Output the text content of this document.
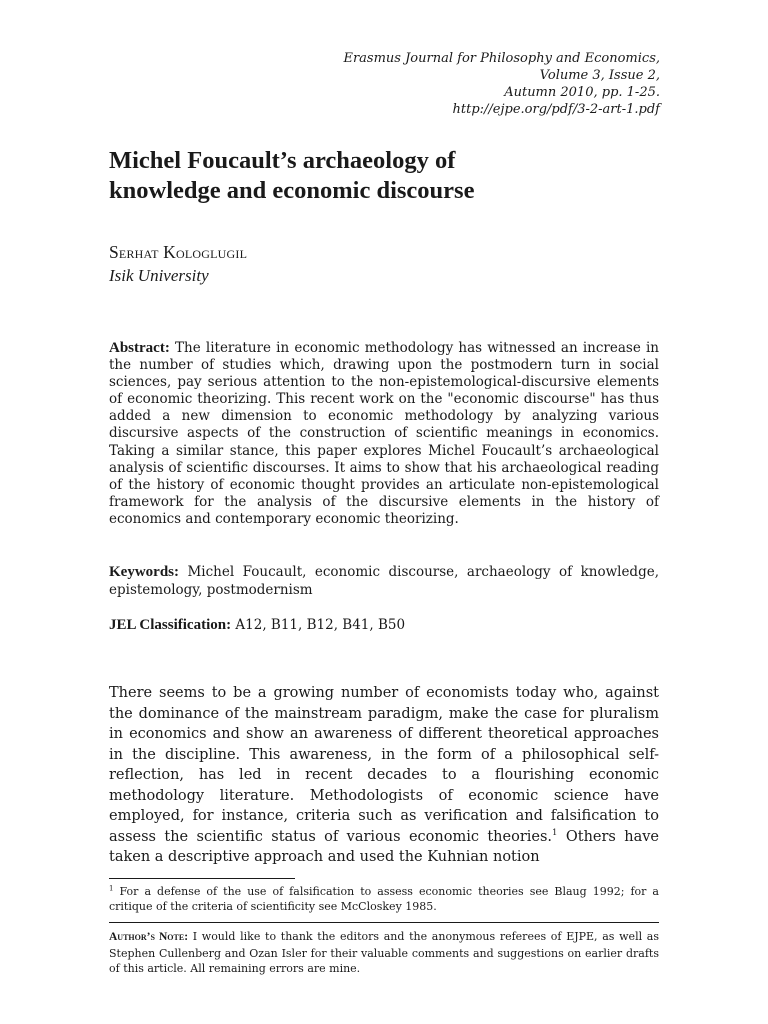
Erasmus Journal for Philosophy and Economics,
Volume 3, Issue 2,
Autumn 2010, pp. 1-25.
http://ejpe.org/pdf/3-2-art-1.pdf
Michel Foucault’s archaeology of
knowledge and economic discourse
Serhat Kologlugil
Isik University

Abstract: The literature in economic methodology has witnessed an increase in the number of studies which, drawing upon the postmodern turn in social sciences, pay serious attention to the non-epistemological-discursive elements of economic theorizing. This recent work on the "economic discourse" has thus added a new dimension to economic methodology by analyzing various discursive aspects of the construction of scientific meanings in economics. Taking a similar stance, this paper explores Michel Foucault’s archaeological analysis of scientific discourses. It aims to show that his archaeological reading of the history of economic thought provides an articulate non-epistemological framework for the analysis of the discursive elements in the history of economics and contemporary economic theorizing.

Keywords: Michel Foucault, economic discourse, archaeology of knowledge, epistemology, postmodernism

JEL Classification: A12, B11, B12, B41, B50

There seems to be a growing number of economists today who, against the dominance of the mainstream paradigm, make the case for pluralism in economics and show an awareness of different theoretical approaches in the discipline. This awareness, in the form of a philosophical self-reflection, has led in recent decades to a flourishing economic methodology literature. Methodologists of economic science have employed, for instance, criteria such as verification and falsification to assess the scientific status of various economic theories.$^1$ Others have taken a descriptive approach and used the Kuhnian notion

$^1$ For a defense of the use of falsification to assess economic theories see Blaug 1992; for a critique of the criteria of scientificity see McCloskey 1985.

Author’s Note: I would like to thank the editors and the anonymous referees of EJPE, as well as Stephen Cullenberg and Ozan Isler for their valuable comments and suggestions on earlier drafts of this article. All remaining errors are mine.
